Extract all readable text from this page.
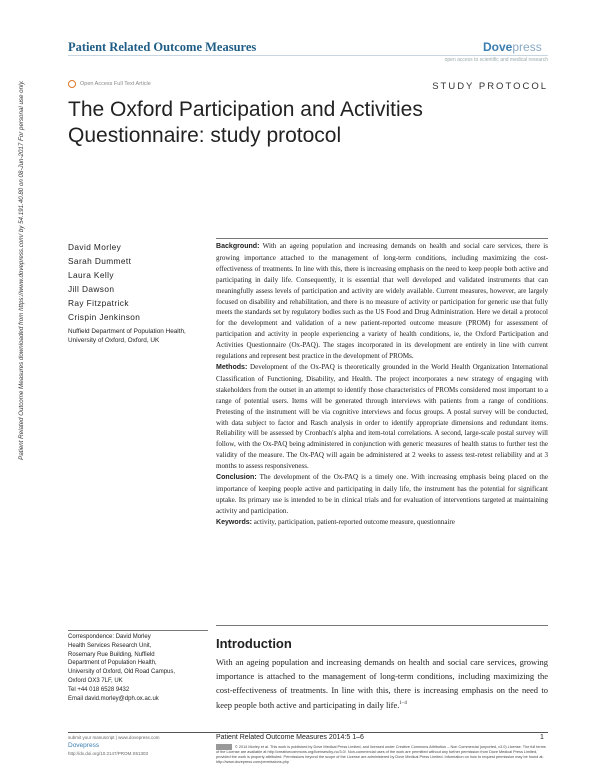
Patient Related Outcome Measures	Dovepress
open access to scientific and medical research
Open Access Full Text Article	STUDY PROTOCOL
The Oxford Participation and Activities Questionnaire: study protocol
Patient Related Outcome Measures downloaded from https://www.dovepress.com/ by 54.191.40.80 on 08-Jun-2017 For personal use only.	David Morley
Sarah Dummett
Laura Kelly
Jill Dawson
Ray Fitzpatrick
Crispin Jenkinson
Nuffield Department of Population Health, University of Oxford, Oxford, UK

Background: With an ageing population and increasing demands on health and social care services, there is growing importance attached to the management of long-term conditions, including maximizing the cost-effectiveness of treatments. In line with this, there is increasing emphasis on the need to keep people both active and participating in daily life. Consequently, it is essential that well developed and validated instruments that can meaningfully assess levels of participation and activity are widely available. Current measures, however, are largely focused on disability and rehabilitation, and there is no measure of activity or participation for generic use that fully meets the standards set by regulatory bodies such as the US Food and Drug Administration. Here we detail a protocol for the development and validation of a new patient-reported outcome measure (PROM) for assessment of participation and activity in people experiencing a variety of health conditions, ie, the Oxford Participation and Activities Questionnaire (Ox-PAQ). The stages incorporated in its development are entirely in line with current regulations and represent best practice in the development of PROMs.

Methods: Development of the Ox-PAQ is theoretically grounded in the World Health Organization International Classification of Functioning, Disability, and Health. The project incorporates a new strategy of engaging with stakeholders from the outset in an attempt to identify those characteristics of PROMs considered most important to a range of potential users. Items will be generated through interviews with patients from a range of conditions. Pretesting of the instrument will be via cognitive interviews and focus groups. A postal survey will be conducted, with data subject to factor and Rasch analysis in order to identify appropriate dimensions and redundant items. Reliability will be assessed by Cronbach's alpha and item-total correlations. A second, large-scale postal survey will follow, with the Ox-PAQ being administered in conjunction with generic measures of health status to further test the validity of the measure. The Ox-PAQ will again be administered at 2 weeks to assess test-retest reliability and at 3 months to assess responsiveness.

Conclusion: The development of the Ox-PAQ is a timely one. With increasing emphasis being placed on the importance of keeping people active and participating in daily life, the instrument has the potential for significant uptake. Its primary use is intended to be in clinical trials and for evaluation of interventions targeted at maintaining activity and participation.

Keywords: activity, participation, patient-reported outcome measure, questionnaire

Correspondence: David Morley
Health Services Research Unit,
Rosemary Rue Building, Nuffield
Department of Population Health,
University of Oxford, Old Road Campus,
Oxford OX3 7LF, UK
Tel +44 018 6528 9432
Email david.morley@dph.ox.ac.uk
Introduction
With an ageing population and increasing demands on health and social care services, growing importance is attached to the management of long-term conditions, including maximizing the cost-effectiveness of treatments. In line with this, there is increasing emphasis on the need to keep people both active and participating in daily life.$^{1-4}$
submit your manuscript | www.dovepress.com
Dovepress
http://dx.doi.org/10.2147/PROM.S51303
Patient Related Outcome Measures 2014:5 1–6	1
© 2014 Morley et al. This work is published by Dove Medical Press Limited, and licensed under Creative Commons Attribution – Non Commercial (unported, v3.0) License. The full terms of the License are available at http://creativecommons.org/licenses/by-nc/3.0/. Non-commercial uses of the work are permitted without any further permission from Dove Medical Press Limited, provided the work is properly attributed. Permissions beyond the scope of the License are administered by Dove Medical Press Limited. Information on how to request permission may be found at: http://www.dovepress.com/permissions.php
